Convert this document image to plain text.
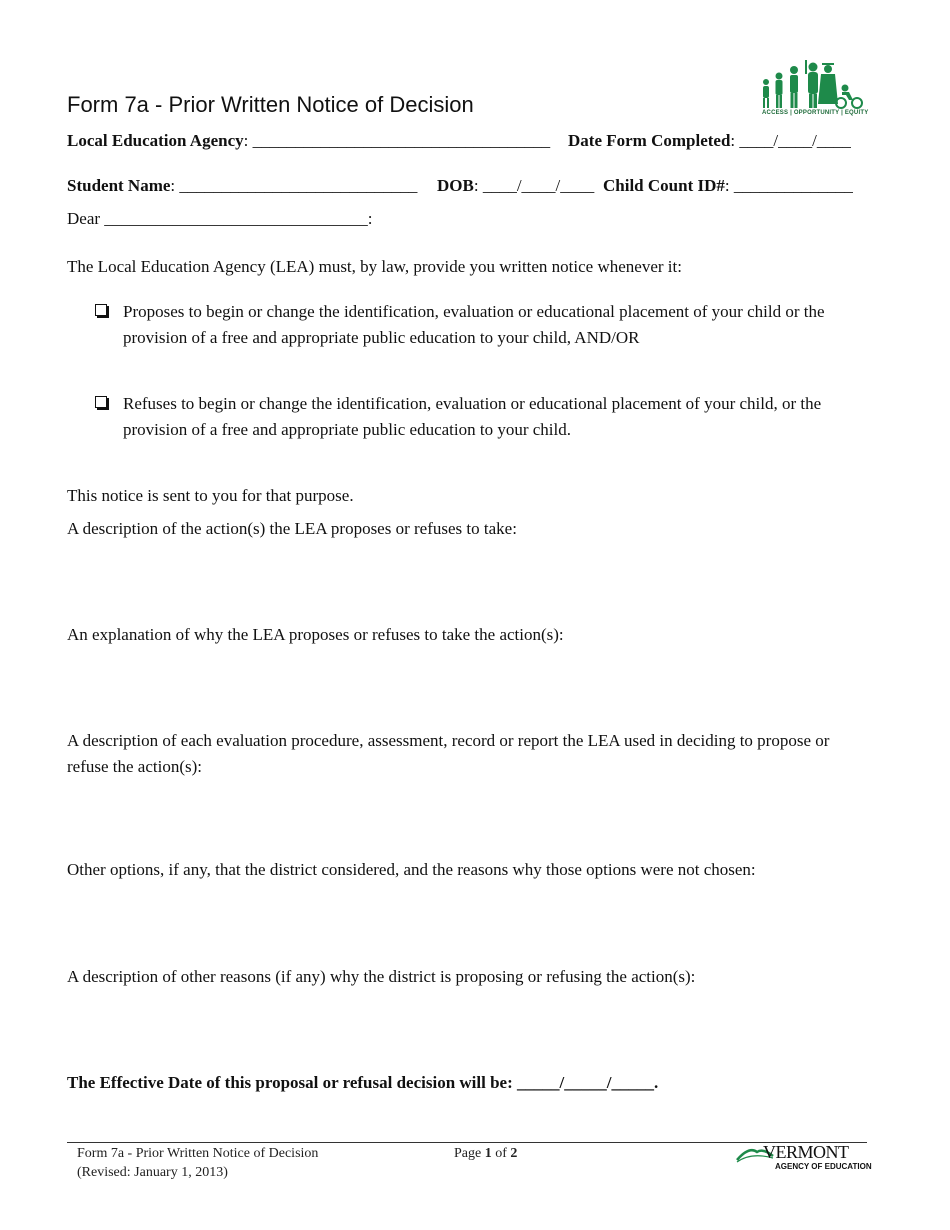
Form 7a - Prior Written Notice of Decision	ACCESS | OPPORTUNITY | EQUITY
Local Education Agency: ___________________________________ Date Form Completed: ____/____/____
Student Name: ____________________________ DOB: ____/____/____ Child Count ID#: ______________
Dear _______________________________:

The Local Education Agency (LEA) must, by law, provide you written notice whenever it:

Proposes to begin or change the identification, evaluation or educational placement of your child or the provision of a free and appropriate public education to your child, AND/OR
Refuses to begin or change the identification, evaluation or educational placement of your child, or the provision of a free and appropriate public education to your child.

This notice is sent to you for that purpose.

A description of the action(s) the LEA proposes or refuses to take:

An explanation of why the LEA proposes or refuses to take the action(s):

A description of each evaluation procedure, assessment, record or report the LEA used in deciding to propose or refuse the action(s):

Other options, if any, that the district considered, and the reasons why those options were not chosen:

A description of other reasons (if any) why the district is proposing or refusing the action(s):

The Effective Date of this proposal or refusal decision will be: _____/_____/_____.

Form 7a - Prior Written Notice of Decision
(Revised: January 1, 2013)
Page 1 of 2	VERMONT
AGENCY OF EDUCATION
